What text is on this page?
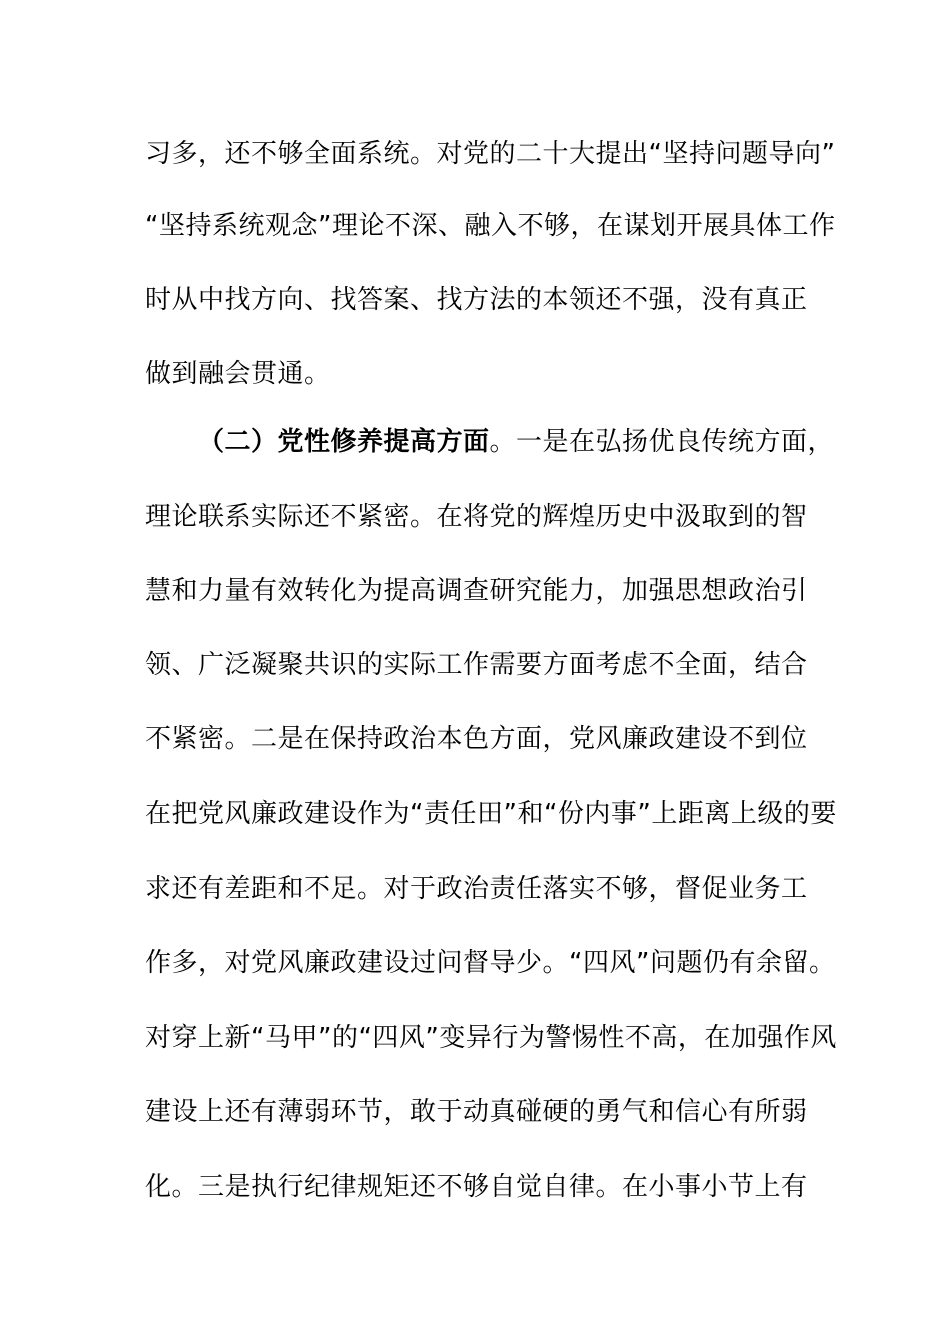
习多，还不够全面系统。对党的二十大提出“坚持问题导向”
“坚持系统观念”理论不深、融入不够，在谋划开展具体工作
时从中找方向、找答案、找方法的本领还不强，没有真正
做到融会贯通。
（二）党性修养提高方面。一是在弘扬优良传统方面，
理论联系实际还不紧密。在将党的辉煌历史中汲取到的智
慧和力量有效转化为提高调查研究能力，加强思想政治引
领、广泛凝聚共识的实际工作需要方面考虑不全面，结合
不紧密。二是在保持政治本色方面，党风廉政建设不到位
在把党风廉政建设作为“责任田”和“份内事”上距离上级的要
求还有差距和不足。对于政治责任落实不够，督促业务工
作多，对党风廉政建设过问督导少。“四风”问题仍有余留。
对穿上新“马甲”的“四风”变异行为警惕性不高，在加强作风
建设上还有薄弱环节，敢于动真碰硬的勇气和信心有所弱
化。三是执行纪律规矩还不够自觉自律。在小事小节上有
